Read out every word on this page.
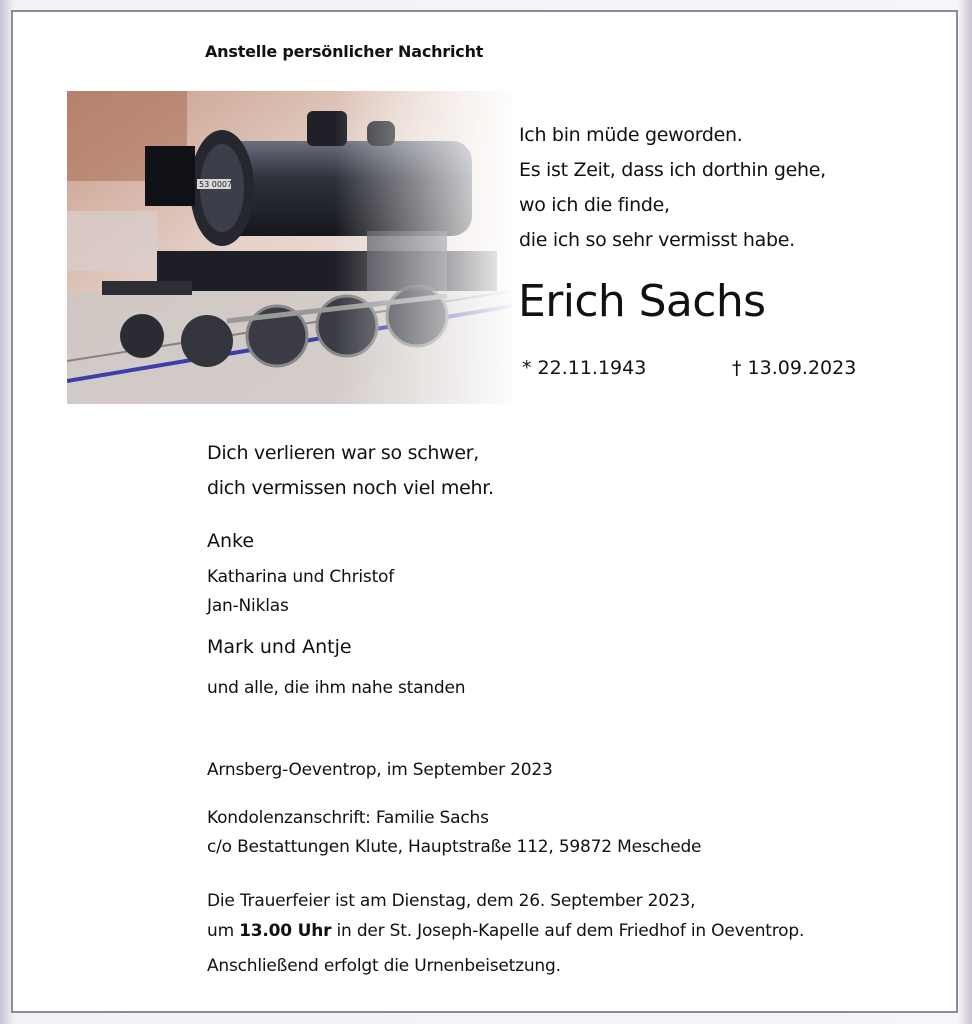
Anstelle persönlicher Nachricht
53 0007
Ich bin müde geworden.
Es ist Zeit, dass ich dorthin gehe,
wo ich die finde,
die ich so sehr vermisst habe.
Erich Sachs
* 22.11.1943	† 13.09.2023
Dich verlieren war so schwer,
dich vermissen noch viel mehr.
Anke
Katharina und Christof
Jan-Niklas
Mark und Antje
und alle, die ihm nahe standen
Arnsberg-Oeventrop, im September 2023
Kondolenzanschrift: Familie Sachs
c/o Bestattungen Klute, Hauptstraße 112, 59872 Meschede
Die Trauerfeier ist am Dienstag, dem 26. September 2023,
um 13.00 Uhr in der St. Joseph-Kapelle auf dem Friedhof in Oeventrop.
Anschließend erfolgt die Urnenbeisetzung.
